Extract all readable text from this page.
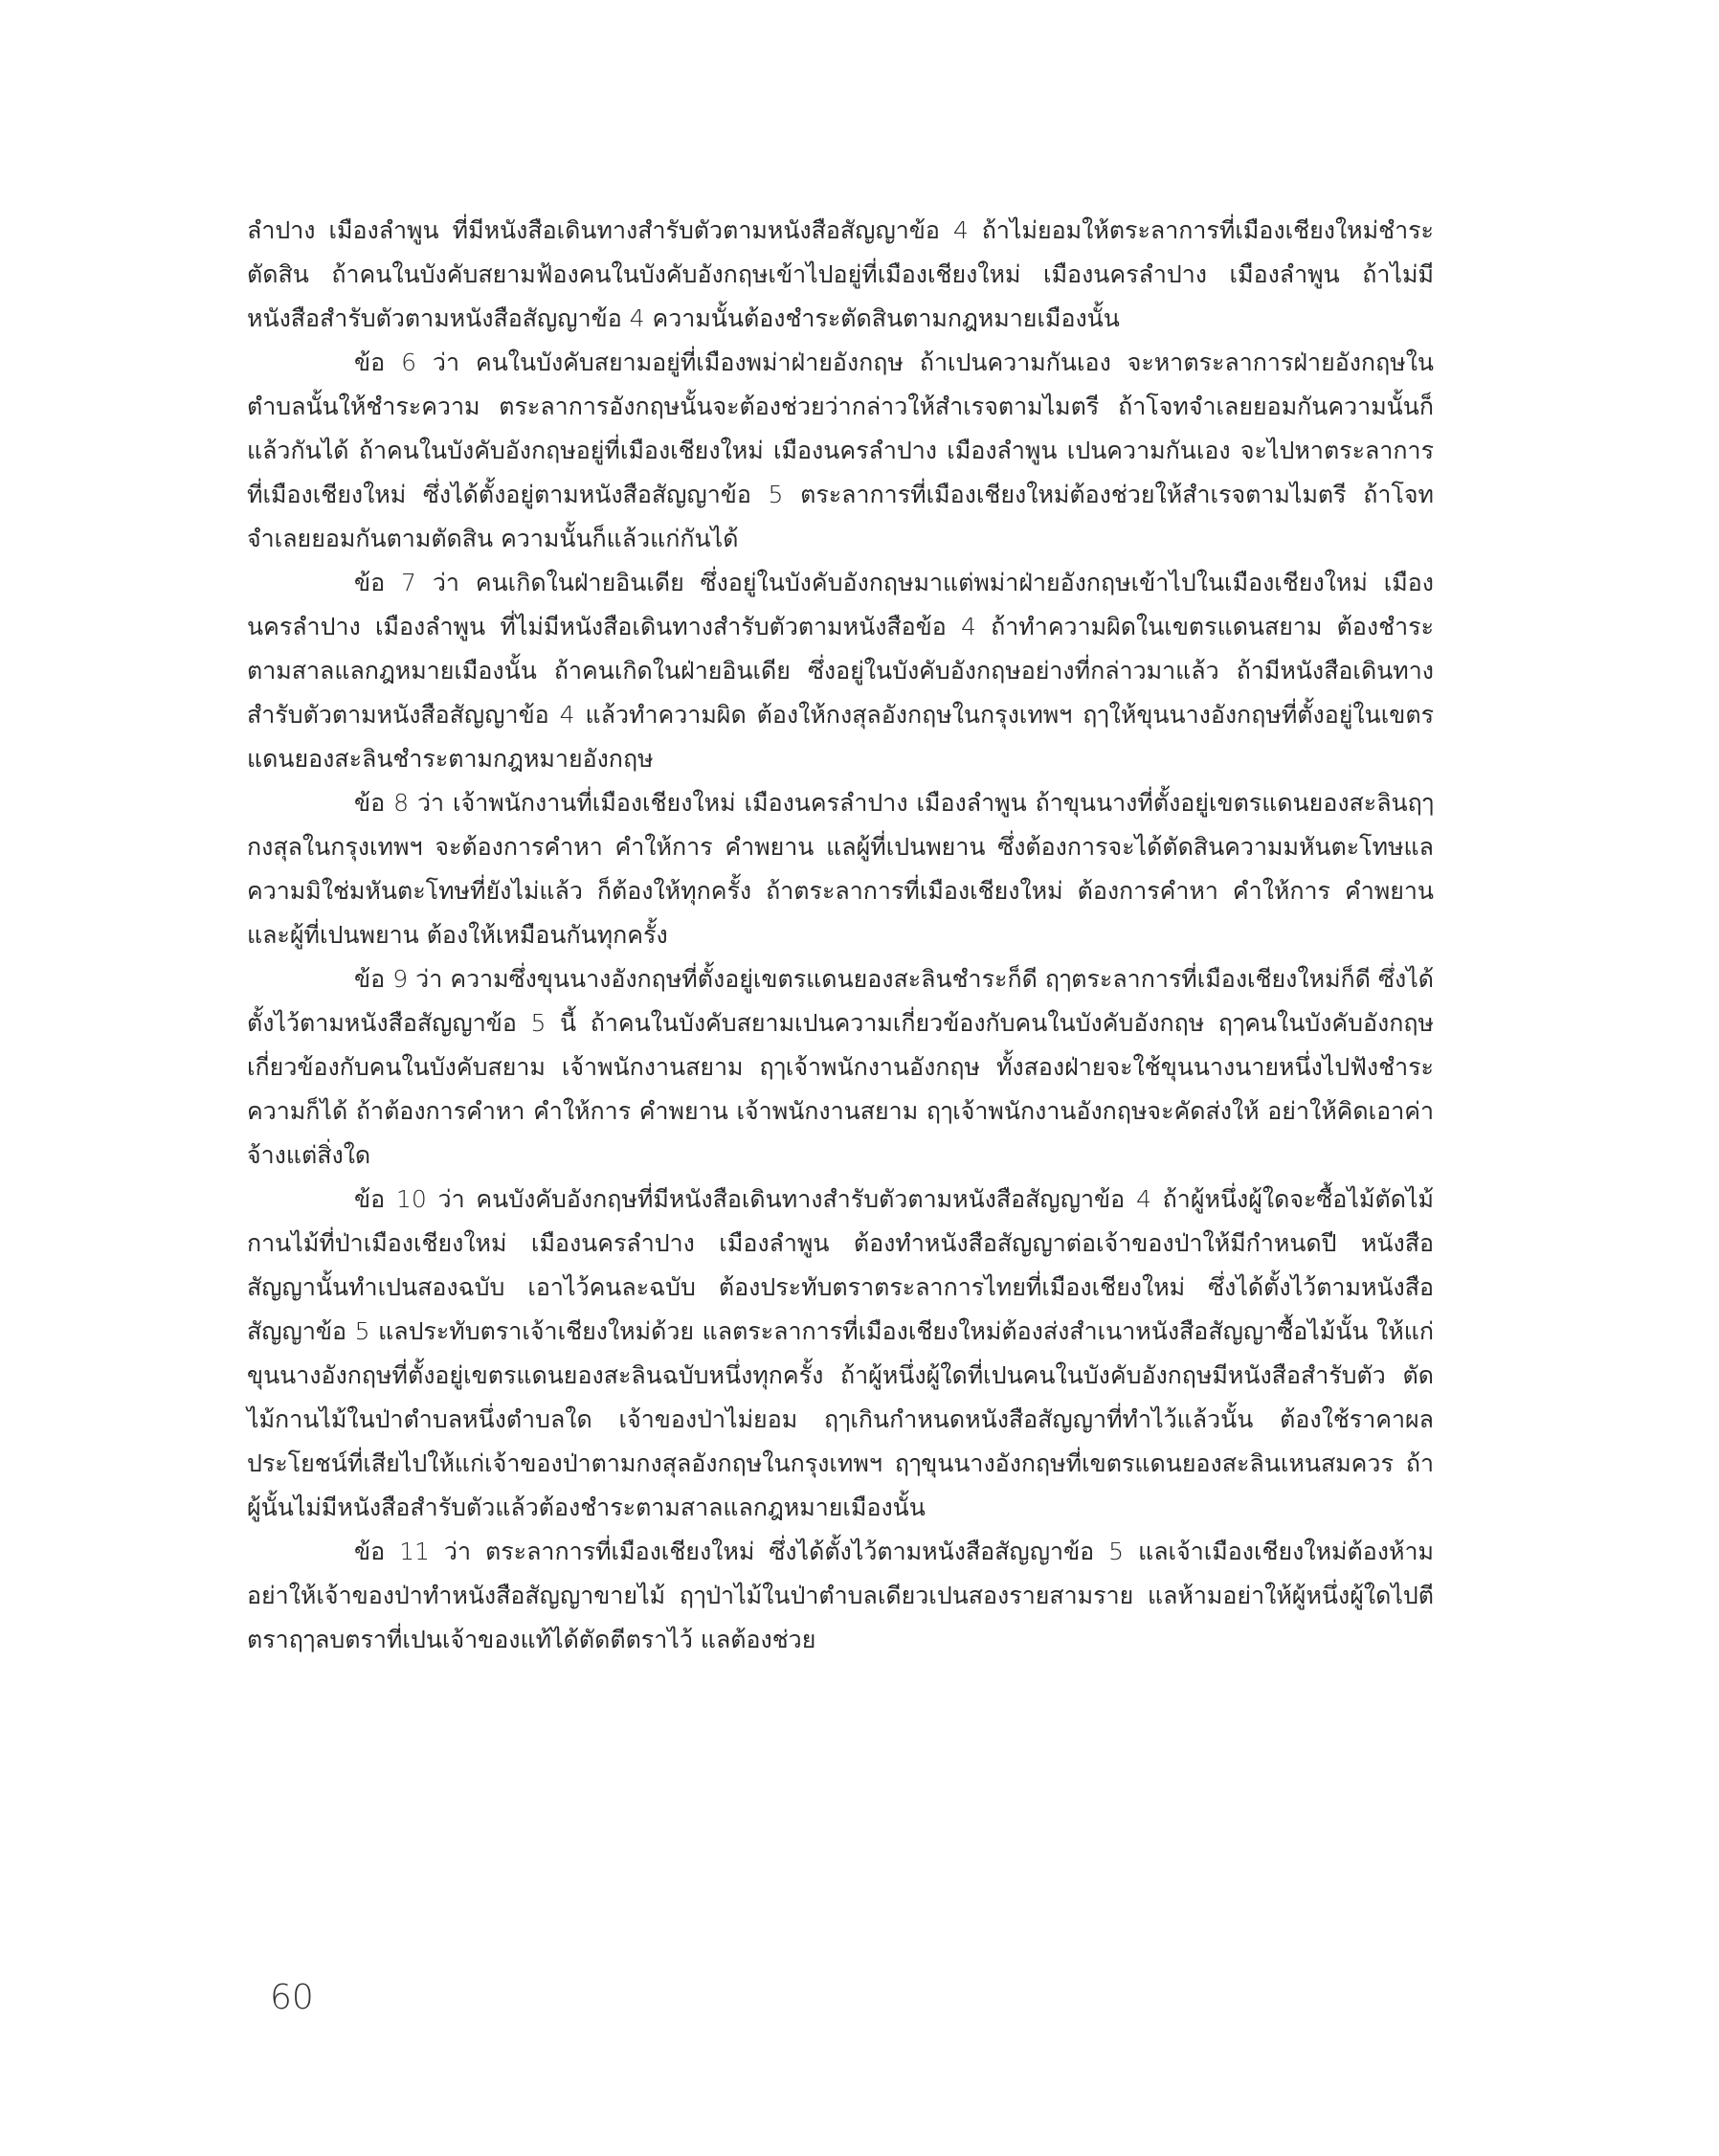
ลำปาง เมืองลำพูน ที่มีหนังสือเดินทางสำรับตัวตามหนังสือสัญญาข้อ 4 ถ้าไม่ยอมให้ตระลาการที่เมืองเชียงใหม่ชำระตัดสิน ถ้าคนในบังคับสยามฟ้องคนในบังคับอังกฤษเข้าไปอยู่ที่เมืองเชียงใหม่ เมืองนครลำปาง เมืองลำพูน ถ้าไม่มีหนังสือสำรับตัวตามหนังสือสัญญาข้อ 4 ความนั้นต้องชำระตัดสินตามกฎหมายเมืองนั้น

ข้อ 6 ว่า คนในบังคับสยามอยู่ที่เมืองพม่าฝ่ายอังกฤษ ถ้าเปนความกันเอง จะหาตระลาการฝ่ายอังกฤษในตำบลนั้นให้ชำระความ ตระลาการอังกฤษนั้นจะต้องช่วยว่ากล่าวให้สำเรจตามไมตรี ถ้าโจทจำเลยยอมกันความนั้นก็แล้วกันได้ ถ้าคนในบังคับอังกฤษอยู่ที่เมืองเชียงใหม่ เมืองนครลำปาง เมืองลำพูน เปนความกันเอง จะไปหาตระลาการที่เมืองเชียงใหม่ ซึ่งได้ตั้งอยู่ตามหนังสือสัญญาข้อ 5 ตระลาการที่เมืองเชียงใหม่ต้องช่วยให้สำเรจตามไมตรี ถ้าโจทจำเลยยอมกันตามตัดสิน ความนั้นก็แล้วแก่กันได้

ข้อ 7 ว่า คนเกิดในฝ่ายอินเดีย ซึ่งอยู่ในบังคับอังกฤษมาแต่พม่าฝ่ายอังกฤษเข้าไปในเมืองเชียงใหม่ เมืองนครลำปาง เมืองลำพูน ที่ไม่มีหนังสือเดินทางสำรับตัวตามหนังสือข้อ 4 ถ้าทำความผิดในเขตรแดนสยาม ต้องชำระตามสาลแลกฎหมายเมืองนั้น ถ้าคนเกิดในฝ่ายอินเดีย ซึ่งอยู่ในบังคับอังกฤษอย่างที่กล่าวมาแล้ว ถ้ามีหนังสือเดินทางสำรับตัวตามหนังสือสัญญาข้อ 4 แล้วทำความผิด ต้องให้กงสุลอังกฤษในกรุงเทพฯ ฤๅให้ขุนนางอังกฤษที่ตั้งอยู่ในเขตรแดนยองสะลินชำระตามกฎหมายอังกฤษ

ข้อ 8 ว่า เจ้าพนักงานที่เมืองเชียงใหม่ เมืองนครลำปาง เมืองลำพูน ถ้าขุนนางที่ตั้งอยู่เขตรแดนยองสะลินฤๅกงสุลในกรุงเทพฯ จะต้องการคำหา คำให้การ คำพยาน แลผู้ที่เปนพยาน ซึ่งต้องการจะได้ตัดสินความมหันตะโทษแลความมิใช่มหันตะโทษที่ยังไม่แล้ว ก็ต้องให้ทุกครั้ง ถ้าตระลาการที่เมืองเชียงใหม่ ต้องการคำหา คำให้การ คำพยาน และผู้ที่เปนพยาน ต้องให้เหมือนกันทุกครั้ง

ข้อ 9 ว่า ความซึ่งขุนนางอังกฤษที่ตั้งอยู่เขตรแดนยองสะลินชำระก็ดี ฤๅตระลาการที่เมืองเชียงใหม่ก็ดี ซึ่งได้ตั้งไว้ตามหนังสือสัญญาข้อ 5 นี้ ถ้าคนในบังคับสยามเปนความเกี่ยวข้องกับคนในบังคับอังกฤษ ฤๅคนในบังคับอังกฤษเกี่ยวข้องกับคนในบังคับสยาม เจ้าพนักงานสยาม ฤๅเจ้าพนักงานอังกฤษ ทั้งสองฝ่ายจะใช้ขุนนางนายหนึ่งไปฟังชำระความก็ได้ ถ้าต้องการคำหา คำให้การ คำพยาน เจ้าพนักงานสยาม ฤๅเจ้าพนักงานอังกฤษจะคัดส่งให้ อย่าให้คิดเอาค่าจ้างแต่สิ่งใด

ข้อ 10 ว่า คนบังคับอังกฤษที่มีหนังสือเดินทางสำรับตัวตามหนังสือสัญญาข้อ 4 ถ้าผู้หนึ่งผู้ใดจะซื้อไม้ตัดไม้กานไม้ที่ป่าเมืองเชียงใหม่ เมืองนครลำปาง เมืองลำพูน ต้องทำหนังสือสัญญาต่อเจ้าของป่าให้มีกำหนดปี หนังสือสัญญานั้นทำเปนสองฉบับ เอาไว้คนละฉบับ ต้องประทับตราตระลาการไทยที่เมืองเชียงใหม่ ซึ่งได้ตั้งไว้ตามหนังสือสัญญาข้อ 5 แลประทับตราเจ้าเชียงใหม่ด้วย แลตระลาการที่เมืองเชียงใหม่ต้องส่งสำเนาหนังสือสัญญาซื้อไม้นั้น ให้แก่ขุนนางอังกฤษที่ตั้งอยู่เขตรแดนยองสะลินฉบับหนึ่งทุกครั้ง ถ้าผู้หนึ่งผู้ใดที่เปนคนในบังคับอังกฤษมีหนังสือสำรับตัว ตัดไม้กานไม้ในป่าตำบลหนึ่งตำบลใด เจ้าของป่าไม่ยอม ฤๅเกินกำหนดหนังสือสัญญาที่ทำไว้แล้วนั้น ต้องใช้ราคาผลประโยชน์ที่เสียไปให้แก่เจ้าของป่าตามกงสุลอังกฤษในกรุงเทพฯ ฤๅขุนนางอังกฤษที่เขตรแดนยองสะลินเหนสมควร ถ้าผู้นั้นไม่มีหนังสือสำรับตัวแล้วต้องชำระตามสาลแลกฎหมายเมืองนั้น

ข้อ 11 ว่า ตระลาการที่เมืองเชียงใหม่ ซึ่งได้ตั้งไว้ตามหนังสือสัญญาข้อ 5 แลเจ้าเมืองเชียงใหม่ต้องห้ามอย่าให้เจ้าของป่าทำหนังสือสัญญาขายไม้ ฤๅป่าไม้ในป่าตำบลเดียวเปนสองรายสามราย แลห้ามอย่าให้ผู้หนึ่งผู้ใดไปตีตราฤๅลบตราที่เปนเจ้าของแท้ได้ตัดตีตราไว้ แลต้องช่วย

60
